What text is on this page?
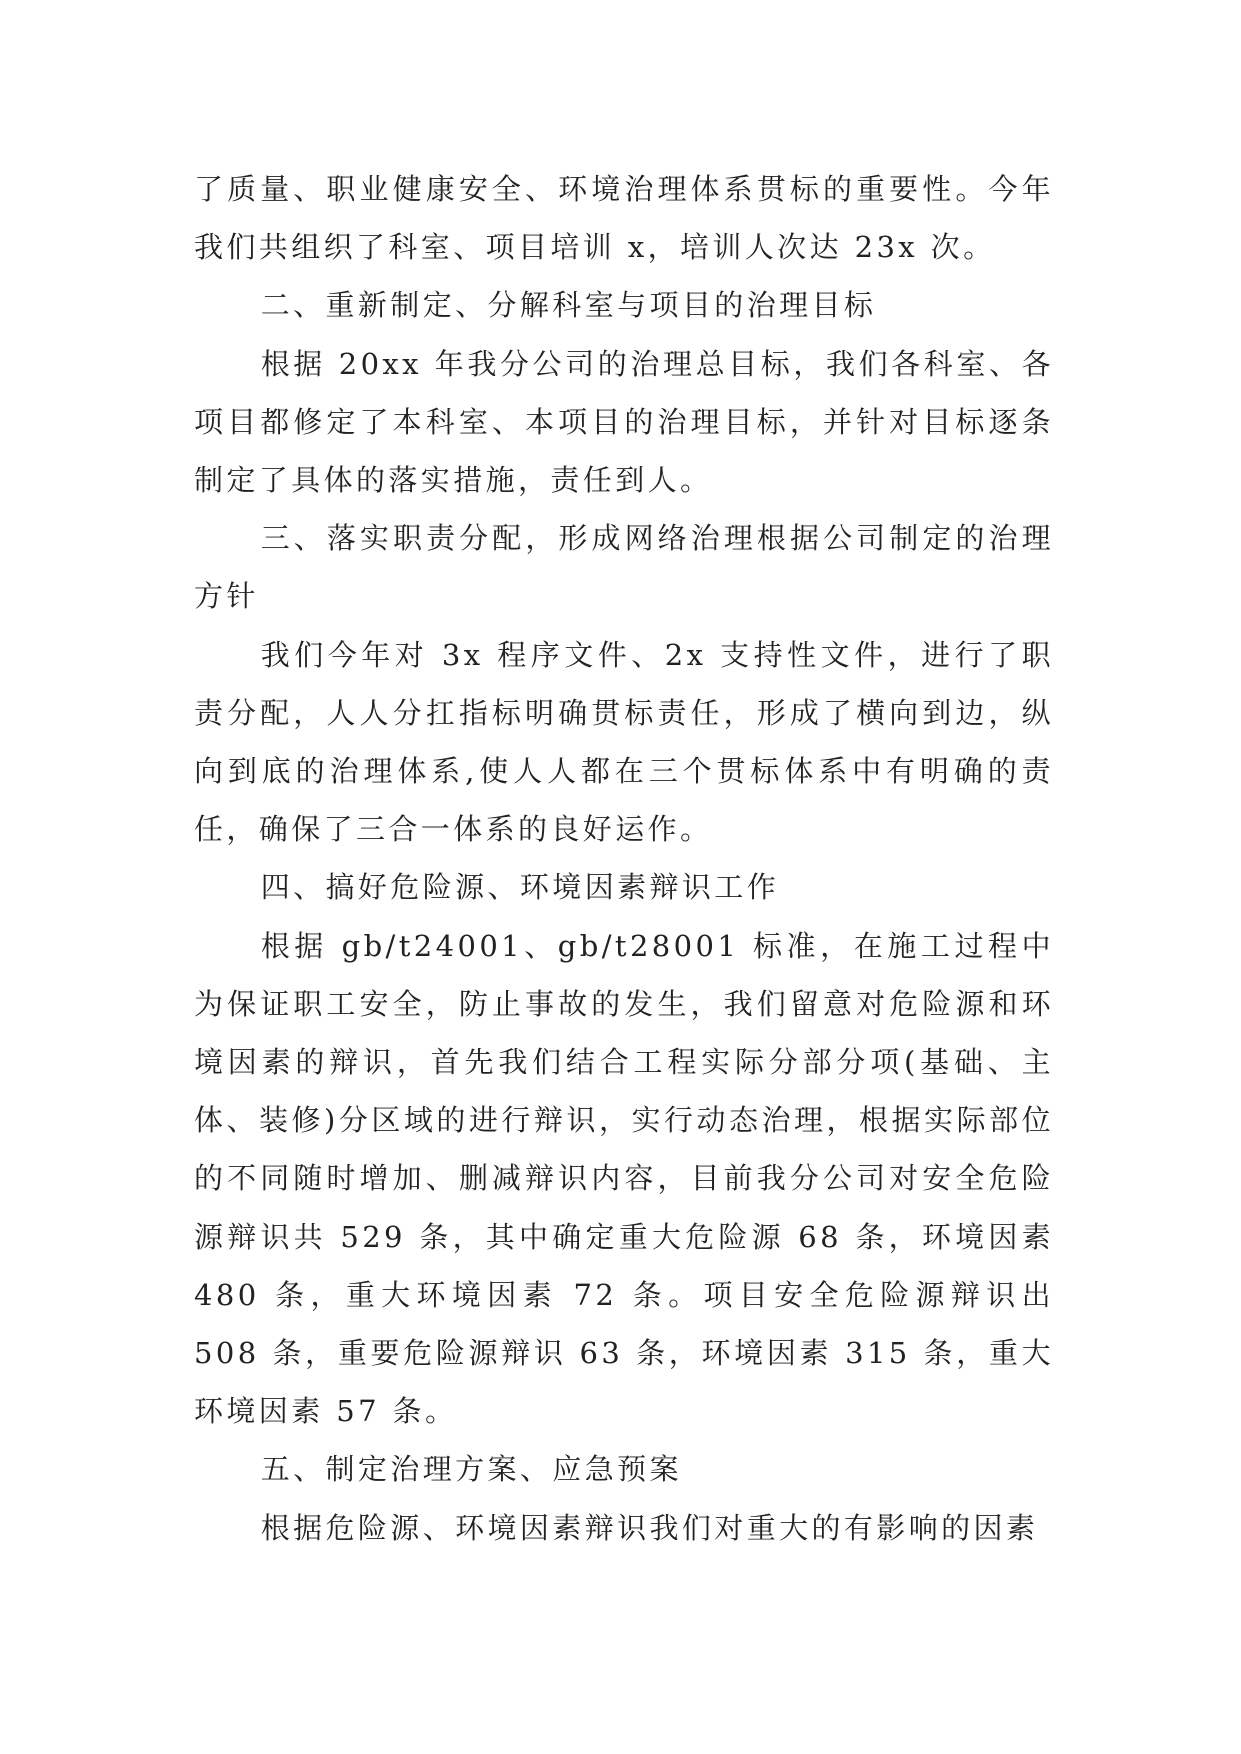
了质量、职业健康安全、环境治理体系贯标的重要性。今年我们共组织了科室、项目培训 x，培训人次达 23x 次。

二、重新制定、分解科室与项目的治理目标

根据 20xx 年我分公司的治理总目标，我们各科室、各项目都修定了本科室、本项目的治理目标，并针对目标逐条制定了具体的落实措施，责任到人。

三、落实职责分配，形成网络治理根据公司制定的治理方针

我们今年对 3x 程序文件、2x 支持性文件，进行了职责分配，人人分扛指标明确贯标责任，形成了横向到边，纵向到底的治理体系,使人人都在三个贯标体系中有明确的责任，确保了三合一体系的良好运作。

四、搞好危险源、环境因素辩识工作

根据 gb/t24001、gb/t28001 标准，在施工过程中为保证职工安全，防止事故的发生，我们留意对危险源和环境因素的辩识，首先我们结合工程实际分部分项(基础、主体、装修)分区域的进行辩识，实行动态治理，根据实际部位的不同随时增加、删减辩识内容，目前我分公司对安全危险源辩识共 529 条，其中确定重大危险源 68 条，环境因素 480 条，重大环境因素 72 条。项目安全危险源辩识出 508 条，重要危险源辩识 63 条，环境因素 315 条，重大环境因素 57 条。

五、制定治理方案、应急预案

根据危险源、环境因素辩识我们对重大的有影响的因素
